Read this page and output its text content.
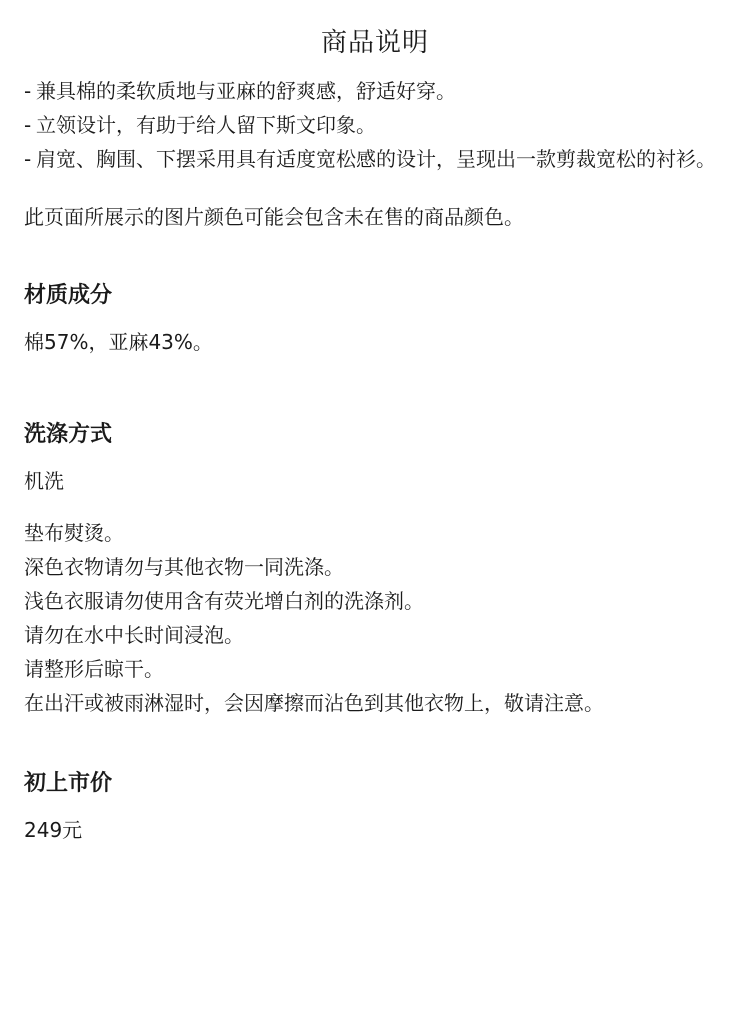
商品说明
- 兼具棉的柔软质地与亚麻的舒爽感，舒适好穿。
- 立领设计，有助于给人留下斯文印象。
- 肩宽、胸围、下摆采用具有适度宽松感的设计，呈现出一款剪裁宽松的衬衫。
此页面所展示的图片颜色可能会包含未在售的商品颜色。
材质成分
棉57%，亚麻43%。
洗涤方式
机洗
垫布熨烫。
深色衣物请勿与其他衣物一同洗涤。
浅色衣服请勿使用含有荧光增白剂的洗涤剂。
请勿在水中长时间浸泡。
请整形后晾干。
在出汗或被雨淋湿时，会因摩擦而沾色到其他衣物上，敬请注意。
初上市价
249元
